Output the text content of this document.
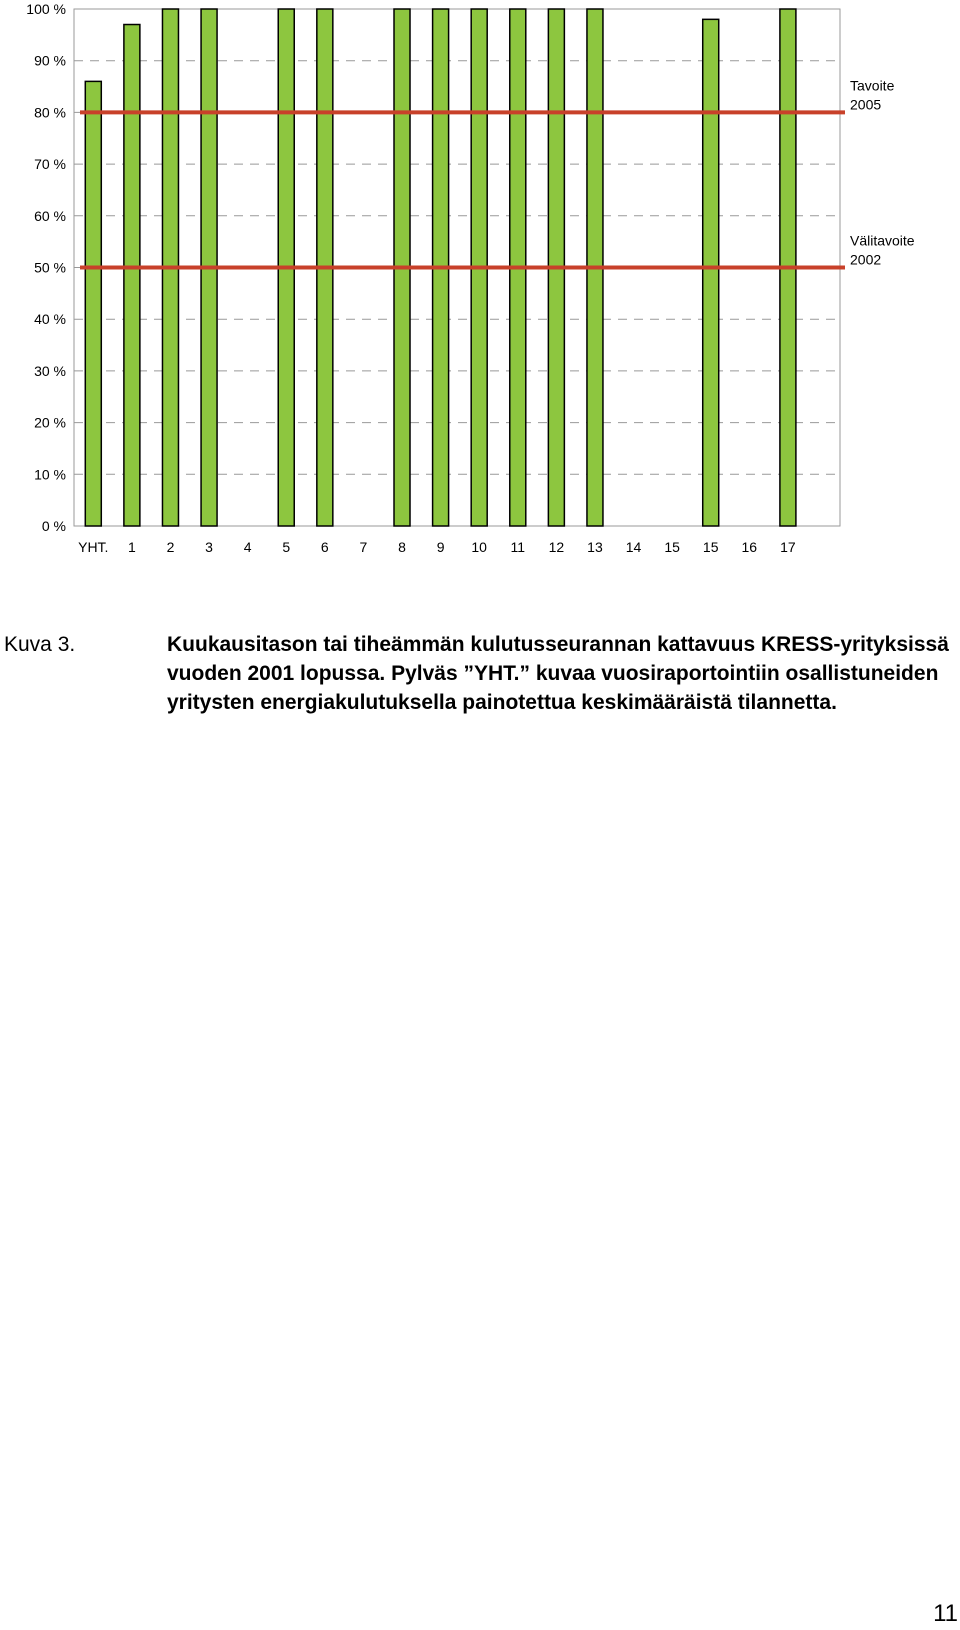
0 %
10 %
20 %
30 %
40 %
50 %
60 %
70 %
80 %
90 %
100 %
Tavoite
2005
Välitavoite
2002
YHT. 1 2 3 4 5 6 7 8 9 10 11 12 13 14 15 15 16 17
Kuva 3.	Kuukausitason tai tiheämmän kulutusseurannan kattavuus KRESS-yrityksissä vuoden 2001 lopussa. Pylväs ”YHT.” kuvaa vuosiraportointiin osallistuneiden yritysten energiakulutuksella painotettua keskimääräistä tilannetta.
11
